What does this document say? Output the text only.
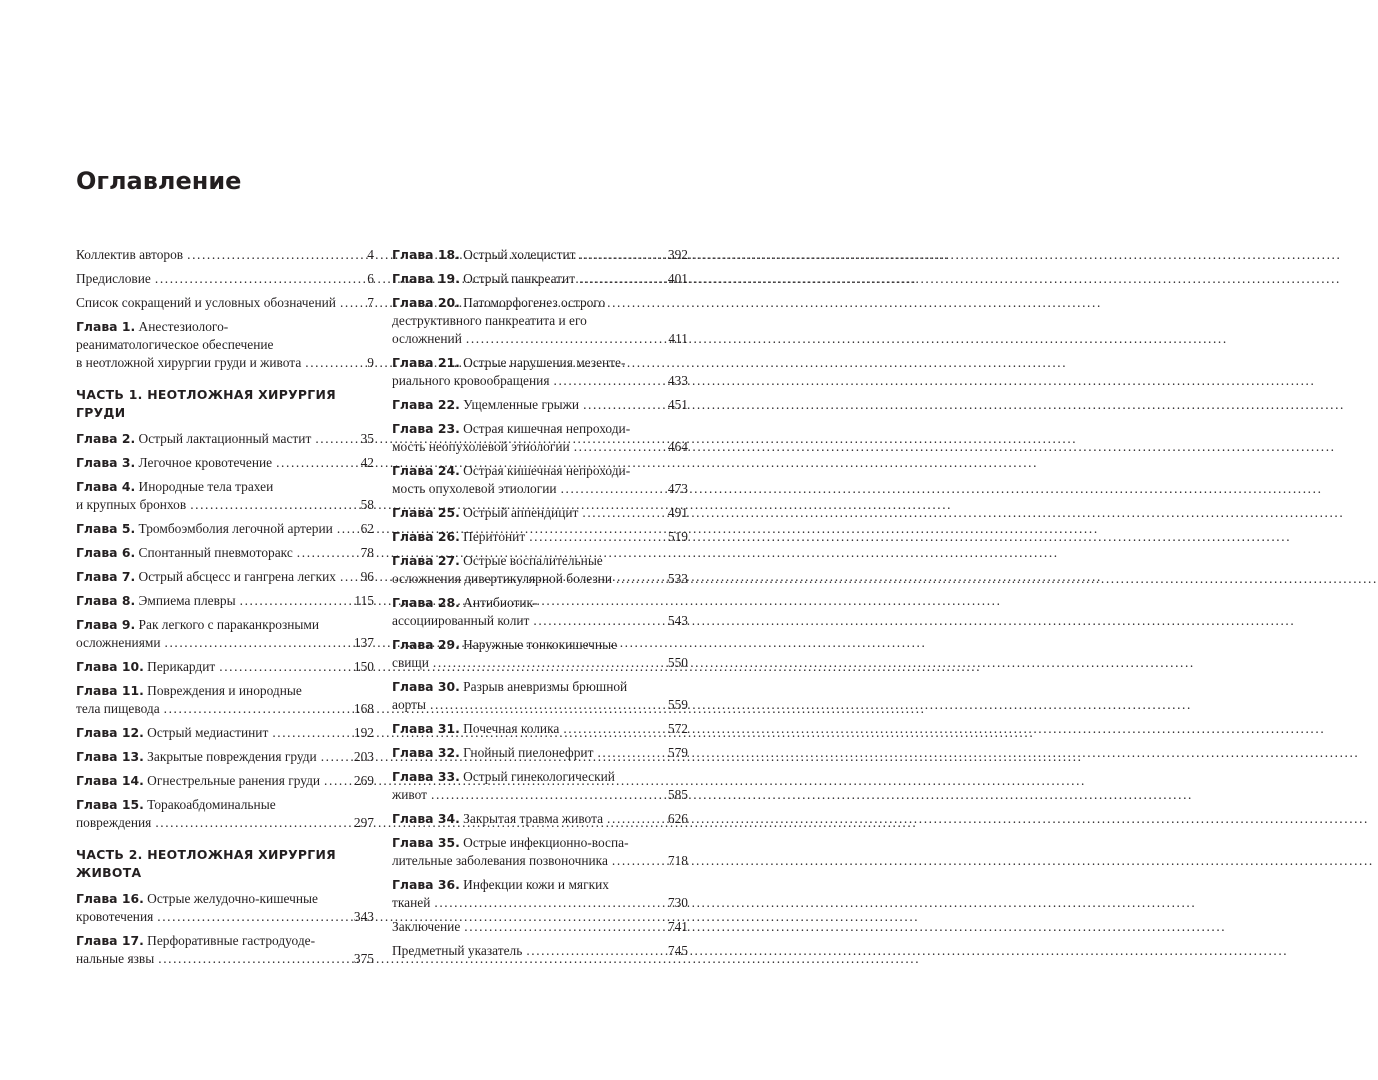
Оглавление
Коллектив авторов .....	4
Предисловие .....	6
Список сокращений и условных обозначений ..... 7
Глава 1. Анестезиолого-
реаниматологическое обеспечение
в неотложной хирургии груди и живота .....	9
ЧАСТЬ 1. НЕОТЛОЖНАЯ ХИРУРГИЯ ГРУДИ
Глава 2. Острый лактационный мастит .....	35
Глава 3. Легочное кровотечение .....	42
Глава 4. Инородные тела трахеи
и крупных бронхов .....	58
Глава 5. Тромбоэмболия легочной артерии ..... 62
Глава 6. Спонтанный пневмоторакс .....	78
Глава 7. Острый абсцесс и гангрена легких ..... 96
Глава 8. Эмпиема плевры .....	115
Глава 9. Рак легкого с параканкрозными
осложнениями .....	137
Глава 10. Перикардит .....	150
Глава 11. Повреждения и инородные
тела пищевода .....	168
Глава 12. Острый медиастинит .....	192
Глава 13. Закрытые повреждения груди .....	203
Глава 14. Огнестрельные ранения груди .....	269
Глава 15. Торакоабдоминальные
повреждения .....	297
ЧАСТЬ 2. НЕОТЛОЖНАЯ ХИРУРГИЯ ЖИВОТА
Глава 16. Острые желудочно-кишечные
кровотечения .....	343
Глава 17. Перфоративные гастродуоде-
нальные язвы .....	375
Глава 18. Острый холецистит .....	392
Глава 19. Острый панкреатит .....	401
Глава 20. Патоморфогенез острого
деструктивного панкреатита и его
осложнений .....	411
Глава 21. Острые нарушения мезенте-
риального кровообращения .....	433
Глава 22. Ущемленные грыжи .....	451
Глава 23. Острая кишечная непроходи-
мость неопухолевой этиологии .....	464
Глава 24. Острая кишечная непроходи-
мость опухолевой этиологии .....	473
Глава 25. Острый аппендицит .....	491
Глава 26. Перитонит .....	519
Глава 27. Острые воспалительные
осложнения дивертикулярной болезни .....	533
Глава 28. Антибиотик-
ассоциированный колит .....	543
Глава 29. Наружные тонкокишечные
свищи .....	550
Глава 30. Разрыв аневризмы брюшной
аорты .....	559
Глава 31. Почечная колика .....	572
Глава 32. Гнойный пиелонефрит .....	579
Глава 33. Острый гинекологический
живот .....	585
Глава 34. Закрытая травма живота .....	626
Глава 35. Острые инфекционно-воспа-
лительные заболевания позвоночника .....	718
Глава 36. Инфекции кожи и мягких
тканей .....	730
Заключение .....	741
Предметный указатель .....	745
